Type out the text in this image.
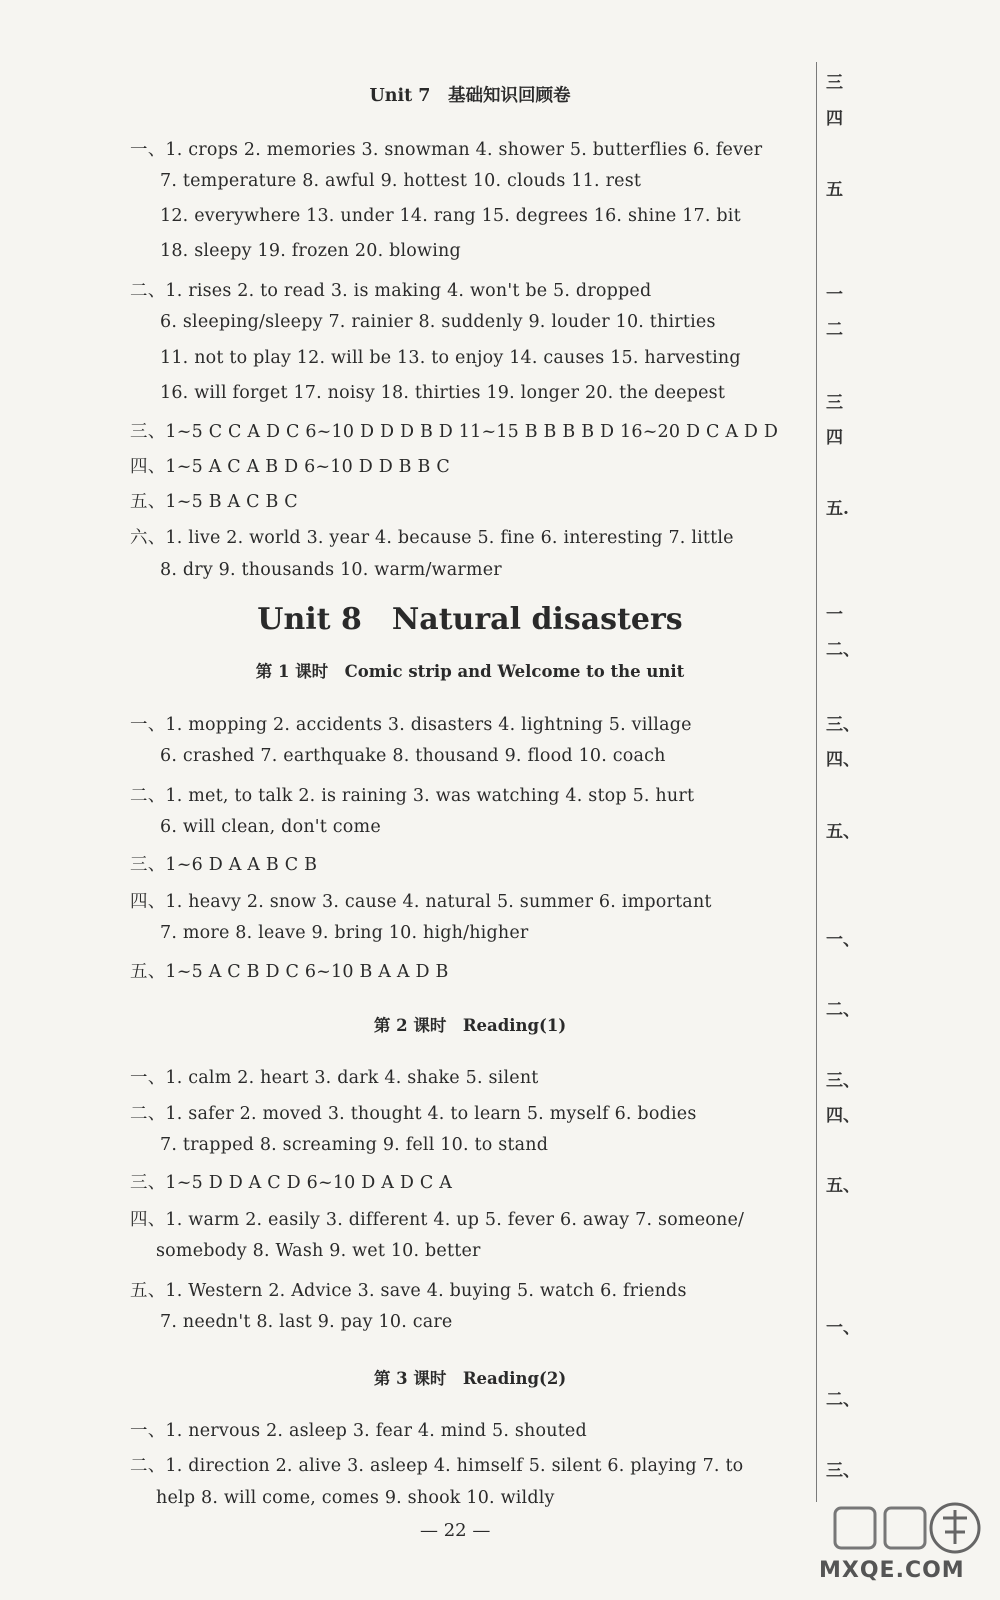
Unit 7　基础知识回顾卷
一、1. crops 2. memories 3. snowman 4. shower 5. butterflies 6. fever
7. temperature 8. awful 9. hottest 10. clouds 11. rest
12. everywhere 13. under 14. rang 15. degrees 16. shine 17. bit
18. sleepy 19. frozen 20. blowing
二、1. rises 2. to read 3. is making 4. won't be 5. dropped
6. sleeping/sleepy 7. rainier 8. suddenly 9. louder 10. thirties
11. not to play 12. will be 13. to enjoy 14. causes 15. harvesting
16. will forget 17. noisy 18. thirties 19. longer 20. the deepest
三、1~5 C C A D C 6~10 D D D B D 11~15 B B B B D 16~20 D C A D D
四、1~5 A C A B D 6~10 D D B B C
五、1~5 B A C B C
六、1. live 2. world 3. year 4. because 5. fine 6. interesting 7. little
8. dry 9. thousands 10. warm/warmer
Unit 8　Natural disasters
第 1 课时　Comic strip and Welcome to the unit
一、1. mopping 2. accidents 3. disasters 4. lightning 5. village
6. crashed 7. earthquake 8. thousand 9. flood 10. coach
二、1. met, to talk 2. is raining 3. was watching 4. stop 5. hurt
6. will clean, don't come
三、1~6 D A A B C B
四、1. heavy 2. snow 3. cause 4. natural 5. summer 6. important
7. more 8. leave 9. bring 10. high/higher
五、1~5 A C B D C 6~10 B A A D B
第 2 课时　Reading(1)
一、1. calm 2. heart 3. dark 4. shake 5. silent
二、1. safer 2. moved 3. thought 4. to learn 5. myself 6. bodies
7. trapped 8. screaming 9. fell 10. to stand
三、1~5 D D A C D 6~10 D A D C A
四、1. warm 2. easily 3. different 4. up 5. fever 6. away 7. someone/
somebody 8. Wash 9. wet 10. better
五、1. Western 2. Advice 3. save 4. buying 5. watch 6. friends
7. needn't 8. last 9. pay 10. care
第 3 课时　Reading(2)
一、1. nervous 2. asleep 3. fear 4. mind 5. shouted
二、1. direction 2. alive 3. asleep 4. himself 5. silent 6. playing 7. to
help 8. will come, comes 9. shook 10. wildly
三
四
五
一
二
三
四
五.
一
二、
三、
四、
五、
一、
二、
三、
四、
五、
一、
二、
三、
— 22 —
MXQE.COM
